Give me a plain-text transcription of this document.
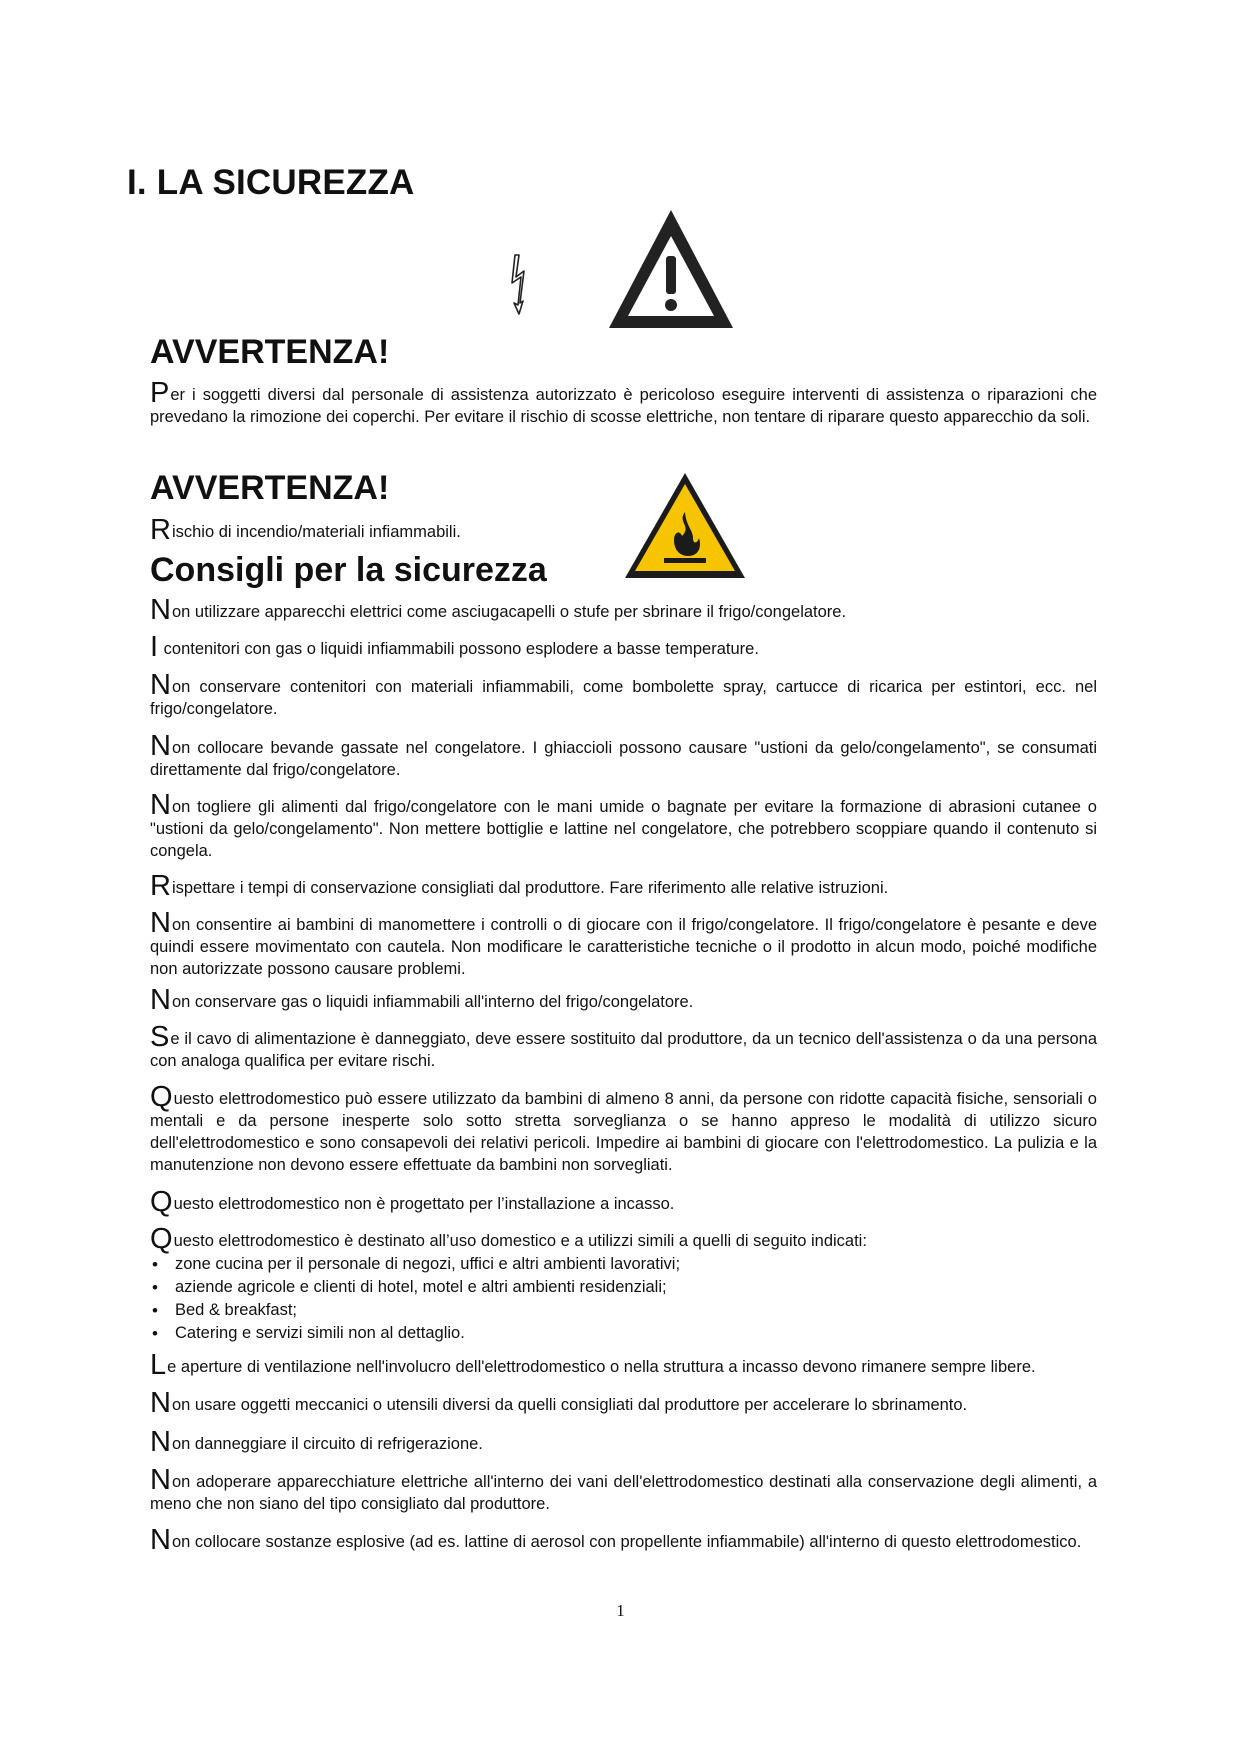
I. LA SICUREZZA
AVVERTENZA!

Per i soggetti diversi dal personale di assistenza autorizzato è pericoloso eseguire interventi di assistenza o riparazioni che prevedano la rimozione dei coperchi. Per evitare il rischio di scosse elettriche, non tentare di riparare questo apparecchio da soli.

AVVERTENZA!

Rischio di incendio/materiali infiammabili.

Consigli per la sicurezza

Non utilizzare apparecchi elettrici come asciugacapelli o stufe per sbrinare il frigo/congelatore.

I contenitori con gas o liquidi infiammabili possono esplodere a basse temperature.

Non conservare contenitori con materiali infiammabili, come bombolette spray, cartucce di ricarica per estintori, ecc. nel frigo/congelatore.

Non collocare bevande gassate nel congelatore. I ghiaccioli possono causare "ustioni da gelo/congelamento", se consumati direttamente dal frigo/congelatore.

Non togliere gli alimenti dal frigo/congelatore con le mani umide o bagnate per evitare la formazione di abrasioni cutanee o "ustioni da gelo/congelamento". Non mettere bottiglie e lattine nel congelatore, che potrebbero scoppiare quando il contenuto si congela.

Rispettare i tempi di conservazione consigliati dal produttore. Fare riferimento alle relative istruzioni.

Non consentire ai bambini di manomettere i controlli o di giocare con il frigo/congelatore. Il frigo/congelatore è pesante e deve quindi essere movimentato con cautela. Non modificare le caratteristiche tecniche o il prodotto in alcun modo, poiché modifiche non autorizzate possono causare problemi.

Non conservare gas o liquidi infiammabili all'interno del frigo/congelatore.

Se il cavo di alimentazione è danneggiato, deve essere sostituito dal produttore, da un tecnico dell'assistenza o da una persona con analoga qualifica per evitare rischi.

Questo elettrodomestico può essere utilizzato da bambini di almeno 8 anni, da persone con ridotte capacità fisiche, sensoriali o mentali e da persone inesperte solo sotto stretta sorveglianza o se hanno appreso le modalità di utilizzo sicuro dell'elettrodomestico e sono consapevoli dei relativi pericoli. Impedire ai bambini di giocare con l'elettrodomestico. La pulizia e la manutenzione non devono essere effettuate da bambini non sorvegliati.

Questo elettrodomestico non è progettato per l’installazione a incasso.

Questo elettrodomestico è destinato all’uso domestico e a utilizzi simili a quelli di seguito indicati:

• zone cucina per il personale di negozi, uffici e altri ambienti lavorativi;
• aziende agricole e clienti di hotel, motel e altri ambienti residenziali;
• Bed & breakfast;
• Catering e servizi simili non al dettaglio.

Le aperture di ventilazione nell'involucro dell'elettrodomestico o nella struttura a incasso devono rimanere sempre libere.

Non usare oggetti meccanici o utensili diversi da quelli consigliati dal produttore per accelerare lo sbrinamento.

Non danneggiare il circuito di refrigerazione.

Non adoperare apparecchiature elettriche all'interno dei vani dell'elettrodomestico destinati alla conservazione degli alimenti, a meno che non siano del tipo consigliato dal produttore.

Non collocare sostanze esplosive (ad es. lattine di aerosol con propellente infiammabile) all'interno di questo elettrodomestico.

1
